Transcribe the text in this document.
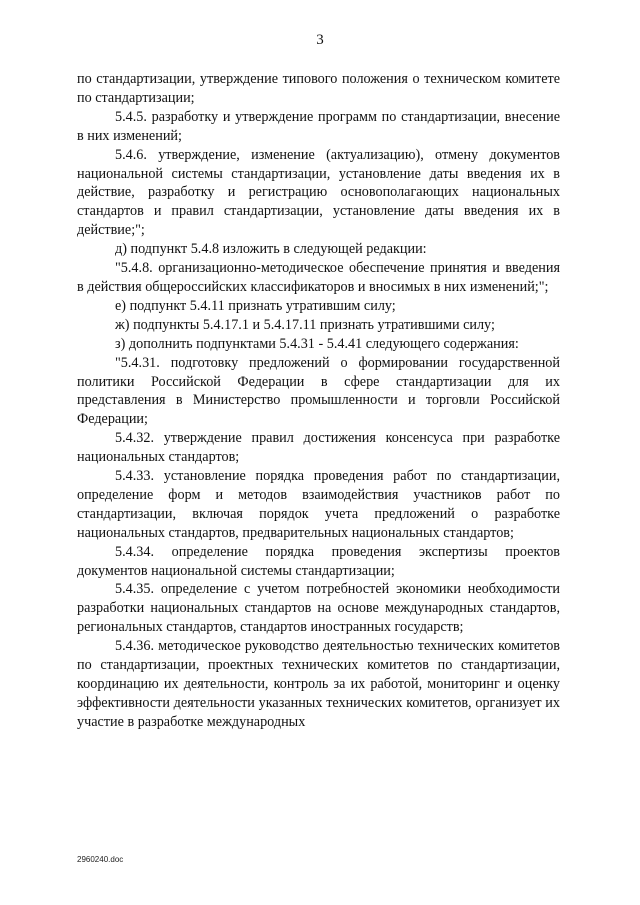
3

по стандартизации, утверждение типового положения о техническом комитете по стандартизации;

5.4.5. разработку и утверждение программ по стандартизации, внесение в них изменений;

5.4.6. утверждение, изменение (актуализацию), отмену документов национальной системы стандартизации, установление даты введения их в действие, разработку и регистрацию основополагающих национальных стандартов и правил стандартизации, установление даты введения их в действие;";

д) подпункт 5.4.8 изложить в следующей редакции:

"5.4.8. организационно-методическое обеспечение принятия и введения в действия общероссийских классификаторов и вносимых в них изменений;";

е) подпункт 5.4.11 признать утратившим силу;

ж) подпункты 5.4.17.1 и 5.4.17.11 признать утратившими силу;

з) дополнить подпунктами 5.4.31 - 5.4.41 следующего содержания:

"5.4.31. подготовку предложений о формировании государственной политики Российской Федерации в сфере стандартизации для их представления в Министерство промышленности и торговли Российской Федерации;

5.4.32. утверждение правил достижения консенсуса при разработке национальных стандартов;

5.4.33. установление порядка проведения работ по стандартизации, определение форм и методов взаимодействия участников работ по стандартизации, включая порядок учета предложений о разработке национальных стандартов, предварительных национальных стандартов;

5.4.34. определение порядка проведения экспертизы проектов документов национальной системы стандартизации;

5.4.35. определение с учетом потребностей экономики необходимости разработки национальных стандартов на основе международных стандартов, региональных стандартов, стандартов иностранных государств;

5.4.36. методическое руководство деятельностью технических комитетов по стандартизации, проектных технических комитетов по стандартизации, координацию их деятельности, контроль за их работой, мониторинг и оценку эффективности деятельности указанных технических комитетов, организует их участие в разработке международных

2960240.doc
